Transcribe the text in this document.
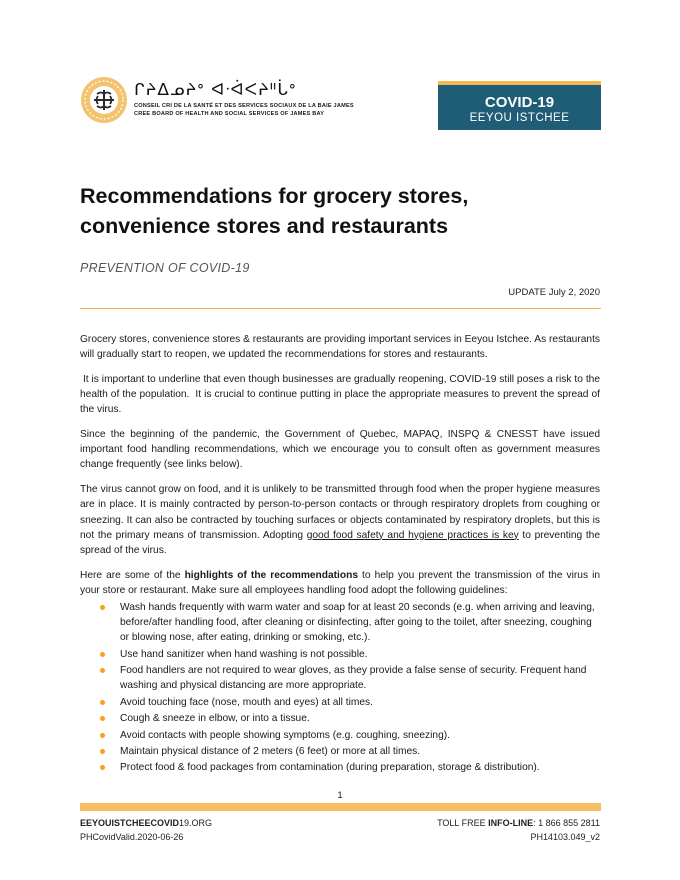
ᒋᔨᐃᓄᔨᐤ ᐊᐧᐋᐸᔨᐦᒑᐤ
CONSEIL CRI DE LA SANTÉ ET DES SERVICES SOCIAUX DE LA BAIE JAMES
CREE BOARD OF HEALTH AND SOCIAL SERVICES OF JAMES BAY
COVID-19
EEYOU ISTCHEE
Recommendations for grocery stores,
convenience stores and restaurants
PREVENTION OF COVID-19
UPDATE July 2, 2020

Grocery stores, convenience stores & restaurants are providing important services in Eeyou Istchee. As restaurants will gradually start to reopen, we updated the recommendations for stores and restaurants.

It is important to underline that even though businesses are gradually reopening, COVID-19 still poses a risk to the health of the population.  It is crucial to continue putting in place the appropriate measures to prevent the spread of the virus.

Since the beginning of the pandemic, the Government of Quebec, MAPAQ, INSPQ & CNESST have issued important food handling recommendations, which we encourage you to consult often as government measures change frequently (see links below).

The virus cannot grow on food, and it is unlikely to be transmitted through food when the proper hygiene measures are in place. It is mainly contracted by person-to-person contacts or through respiratory droplets from coughing or sneezing. It can also be contracted by touching surfaces or objects contaminated by respiratory droplets, but this is not the primary means of transmission. Adopting good food safety and hygiene practices is key to preventing the spread of the virus.

Here are some of the highlights of the recommendations to help you prevent the transmission of the virus in your store or restaurant. Make sure all employees handling food adopt the following guidelines:

Wash hands frequently with warm water and soap for at least 20 seconds (e.g. when arriving and leaving, before/after handling food, after cleaning or disinfecting, after going to the toilet, after sneezing, coughing or blowing nose, after eating, drinking or smoking, etc.).
Use hand sanitizer when hand washing is not possible.
Food handlers are not required to wear gloves, as they provide a false sense of security. Frequent hand washing and physical distancing are more appropriate.
Avoid touching face (nose, mouth and eyes) at all times.
Cough & sneeze in elbow, or into a tissue.
Avoid contacts with people showing symptoms (e.g. coughing, sneezing).
Maintain physical distance of 2 meters (6 feet) or more at all times.
Protect food & food packages from contamination (during preparation, storage & distribution).
1
EEYOUISTCHEECOVID19.ORG
PHCovidValid.2020-06-26
TOLL FREE INFO-LINE: 1 866 855 2811
PH14103.049_v2
